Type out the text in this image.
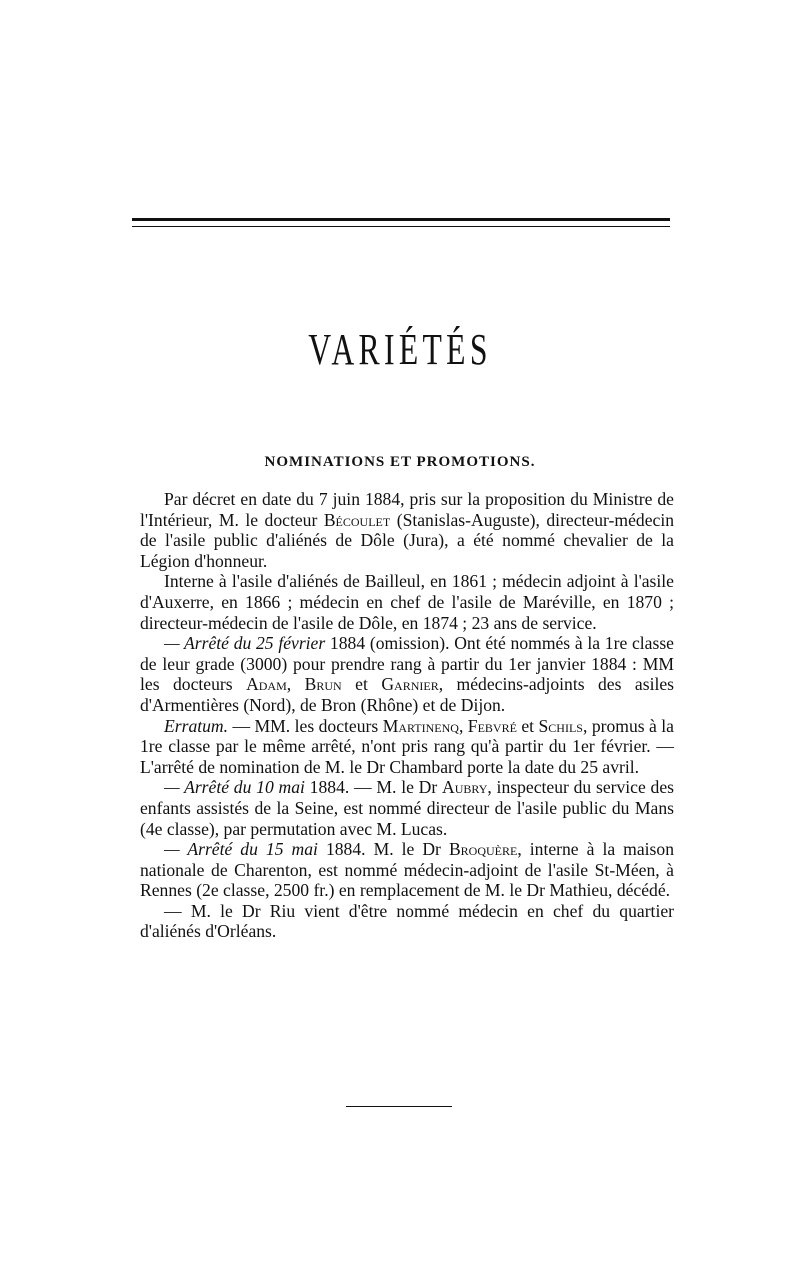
VARIÉTÉS
NOMINATIONS ET PROMOTIONS.

Par décret en date du 7 juin 1884, pris sur la proposition du Ministre de l'Intérieur, M. le docteur Bécoulet (Stanislas-Auguste), directeur-médecin de l'asile public d'aliénés de Dôle (Jura), a été nommé chevalier de la Légion d'honneur.

Interne à l'asile d'aliénés de Bailleul, en 1861 ; médecin adjoint à l'asile d'Auxerre, en 1866 ; médecin en chef de l'asile de Maréville, en 1870 ; directeur-médecin de l'asile de Dôle, en 1874 ; 23 ans de service.

— Arrêté du 25 février 1884 (omission). Ont été nommés à la 1re classe de leur grade (3000) pour prendre rang à partir du 1er janvier 1884 : MM les docteurs Adam, Brun et Garnier, médecins-adjoints des asiles d'Armentières (Nord), de Bron (Rhône) et de Dijon.

Erratum. — MM. les docteurs Martinenq, Febvré et Schils, promus à la 1re classe par le même arrêté, n'ont pris rang qu'à partir du 1er février. — L'arrêté de nomination de M. le Dr Chambard porte la date du 25 avril.

— Arrêté du 10 mai 1884. — M. le Dr Aubry, inspecteur du service des enfants assistés de la Seine, est nommé directeur de l'asile public du Mans (4e classe), par permutation avec M. Lucas.

— Arrêté du 15 mai 1884. M. le Dr Broquère, interne à la maison nationale de Charenton, est nommé médecin-adjoint de l'asile St-Méen, à Rennes (2e classe, 2500 fr.) en remplacement de M. le Dr Mathieu, décédé.

— M. le Dr Riu vient d'être nommé médecin en chef du quartier d'aliénés d'Orléans.
